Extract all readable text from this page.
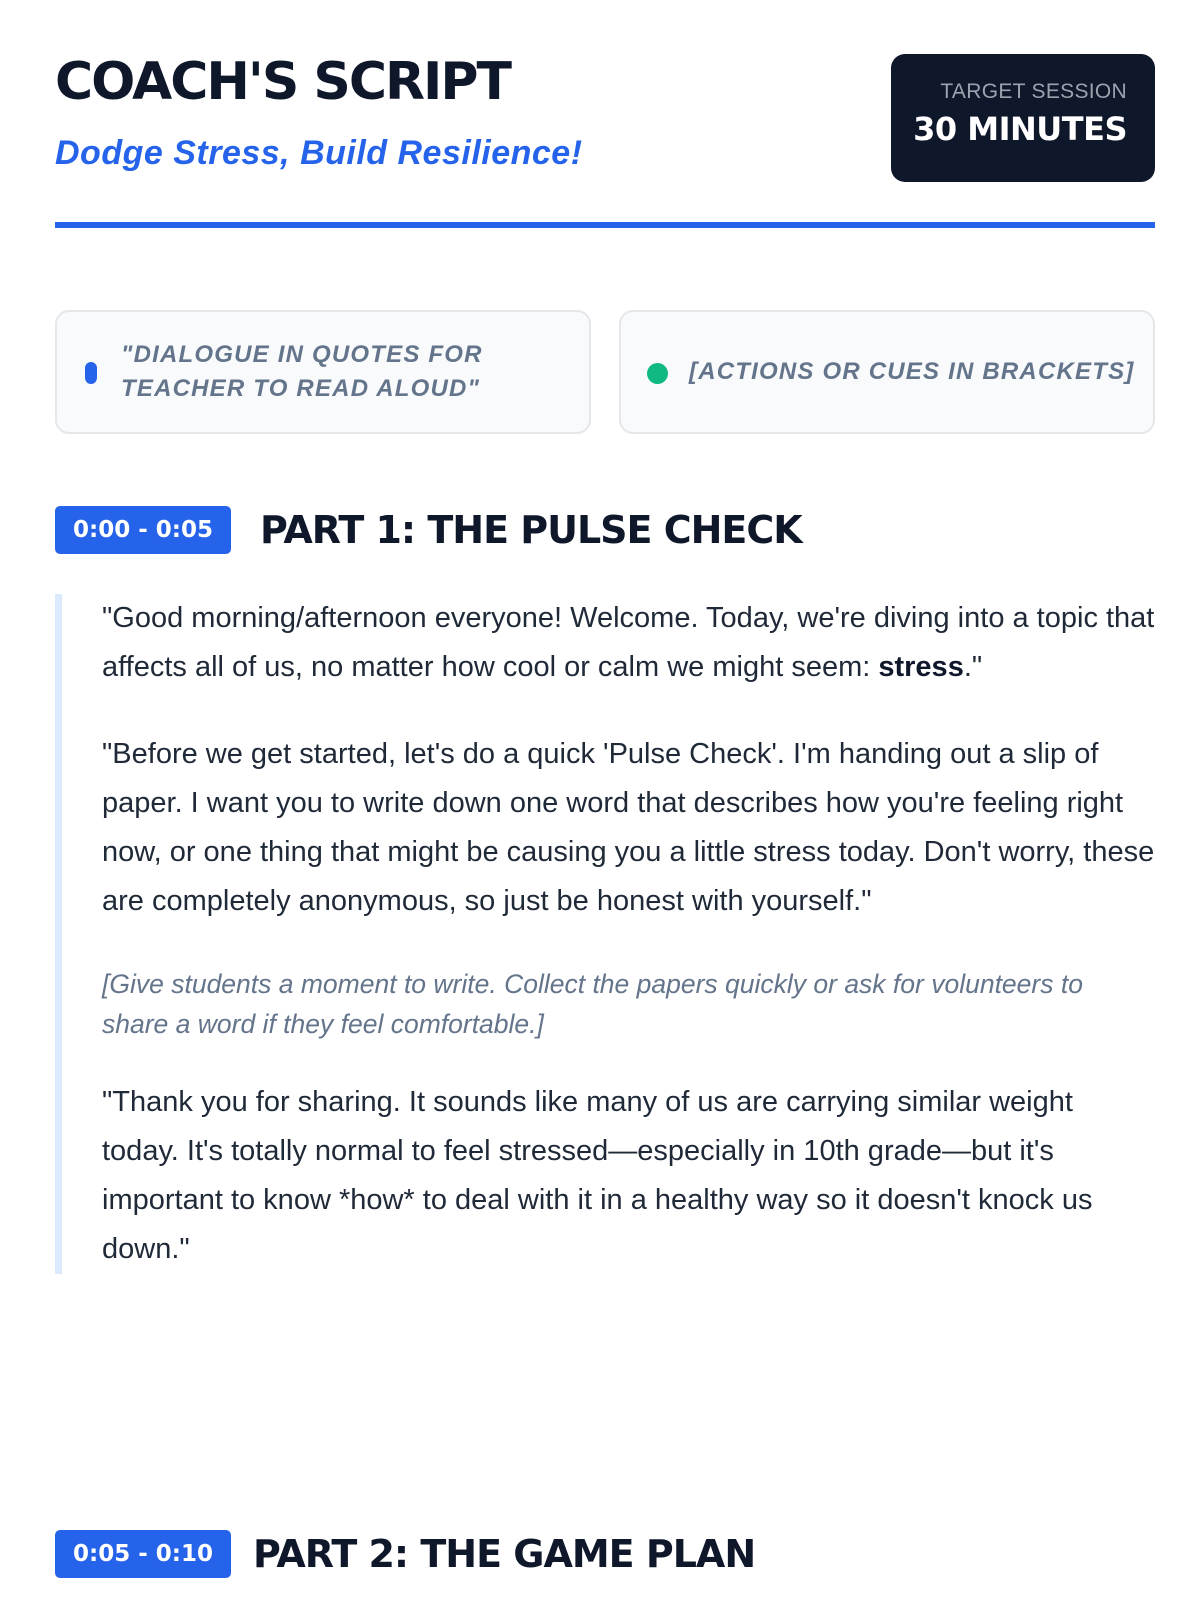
COACH'S SCRIPT
Dodge Stress, Build Resilience!
TARGET SESSION
30 MINUTES
"DIALOGUE IN QUOTES FOR TEACHER TO READ ALOUD"
[ACTIONS OR CUES IN BRACKETS]
0:00 - 0:05	PART 1: THE PULSE CHECK

"Good morning/afternoon everyone! Welcome. Today, we're diving into a topic that affects all of us, no matter how cool or calm we might seem: stress."

"Before we get started, let's do a quick 'Pulse Check'. I'm handing out a slip of paper. I want you to write down one word that describes how you're feeling right now, or one thing that might be causing you a little stress today. Don't worry, these are completely anonymous, so just be honest with yourself."

[Give students a moment to write. Collect the papers quickly or ask for volunteers to share a word if they feel comfortable.]

"Thank you for sharing. It sounds like many of us are carrying similar weight today. It's totally normal to feel stressed—especially in 10th grade—but it's important to know *how* to deal with it in a healthy way so it doesn't knock us down."

0:05 - 0:10	PART 2: THE GAME PLAN
